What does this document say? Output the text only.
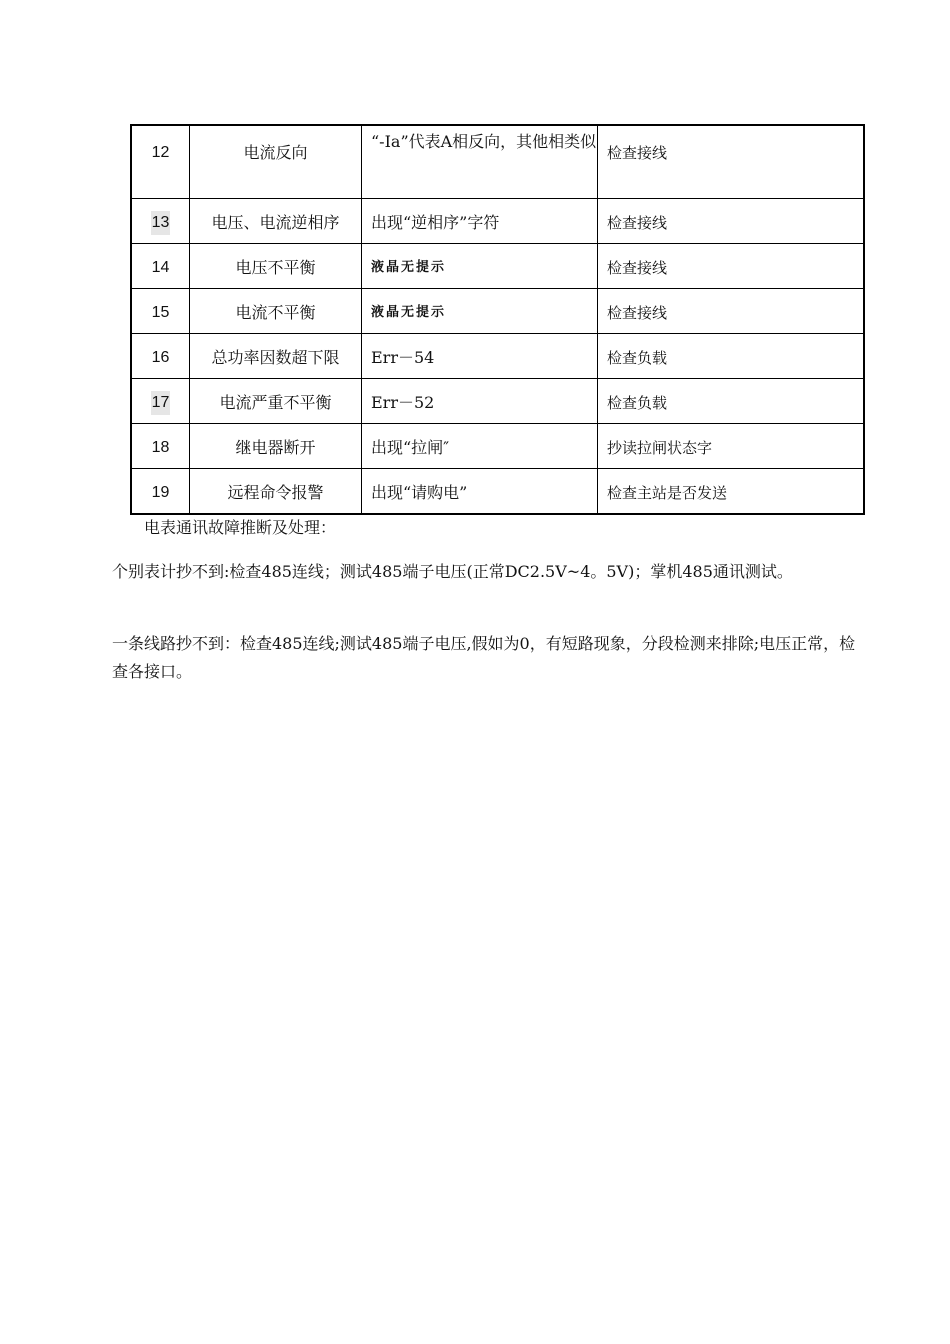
12	电流反向	“-Ia”代表A相反向，其他相类似	检查接线

13	电压、电流逆相序	出现“逆相序”字符	检查接线

14	电压不平衡	液晶无提示	检查接线

15	电流不平衡	液晶无提示	检查接线

16	总功率因数超下限	Err－54	检查负载

17	电流严重不平衡	Err－52	检查负载

18	继电器断开	出现“拉闸″	抄读拉闸状态字

19	远程命令报警	出现“请购电”	检查主站是否发送

电表通讯故障推断及处理：

个别表计抄不到:检查485连线；测试485端子电压(正常DC2.5V~4。5V)；掌机485通讯测试。

一条线路抄不到：检查485连线;测试485端子电压,假如为0，有短路现象，分段检测来排除;电压正常，检查各接口。
